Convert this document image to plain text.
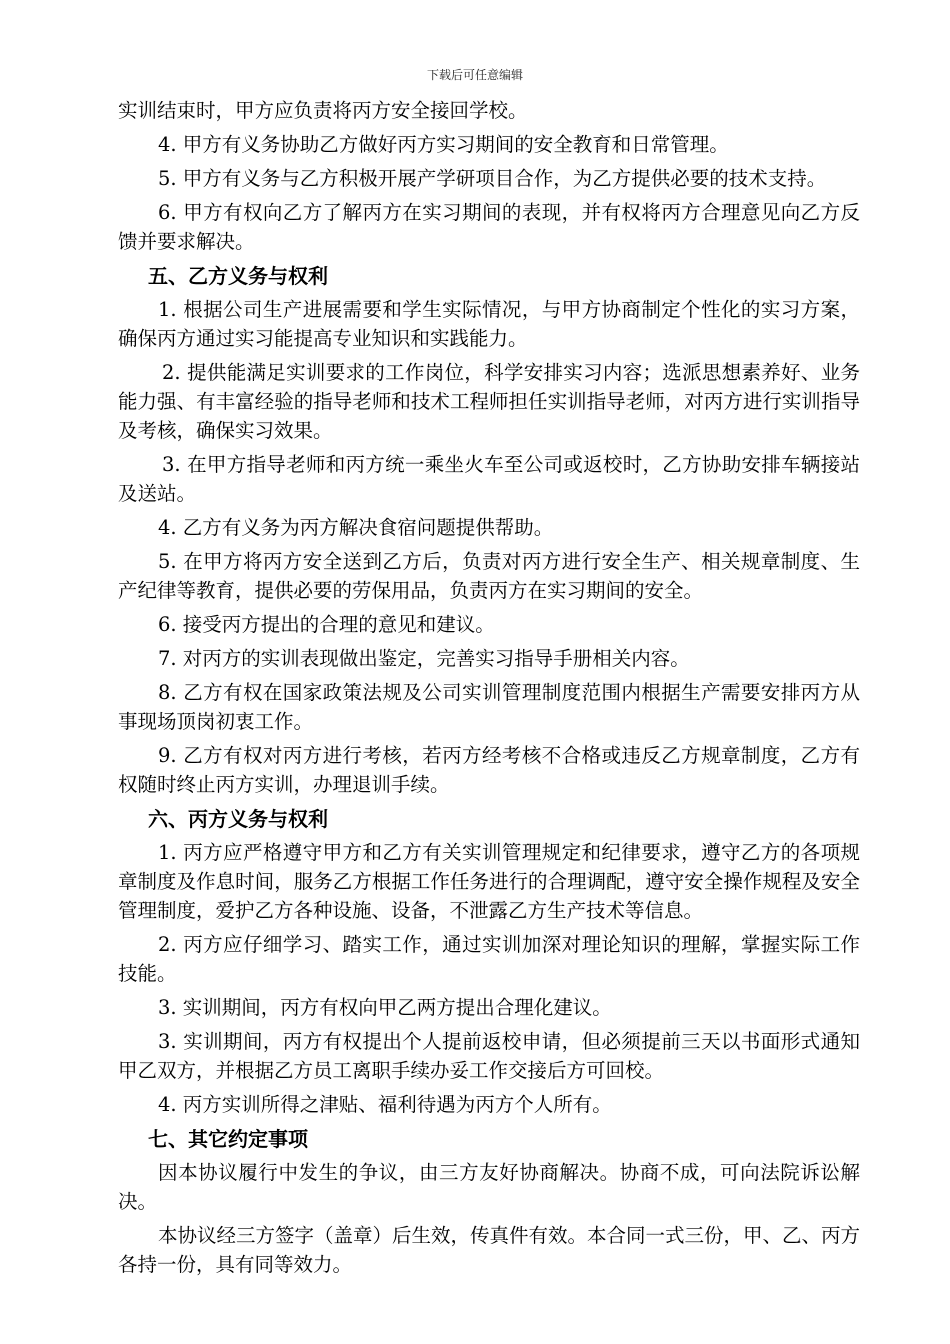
下载后可任意编辑

实训结束时，甲方应负责将丙方安全接回学校。

4. 甲方有义务协助乙方做好丙方实习期间的安全教育和日常管理。

5. 甲方有义务与乙方积极开展产学研项目合作，为乙方提供必要的技术支持。

6. 甲方有权向乙方了解丙方在实习期间的表现，并有权将丙方合理意见向乙方反馈并要求解决。

五、乙方义务与权利

1. 根据公司生产进展需要和学生实际情况，与甲方协商制定个性化的实习方案，确保丙方通过实习能提高专业知识和实践能力。

2. 提供能满足实训要求的工作岗位，科学安排实习内容；选派思想素养好、业务能力强、有丰富经验的指导老师和技术工程师担任实训指导老师，对丙方进行实训指导及考核，确保实习效果。

3. 在甲方指导老师和丙方统一乘坐火车至公司或返校时，乙方协助安排车辆接站及送站。

4. 乙方有义务为丙方解决食宿问题提供帮助。

5. 在甲方将丙方安全送到乙方后，负责对丙方进行安全生产、相关规章制度、生产纪律等教育，提供必要的劳保用品，负责丙方在实习期间的安全。

6. 接受丙方提出的合理的意见和建议。

7. 对丙方的实训表现做出鉴定，完善实习指导手册相关内容。

8. 乙方有权在国家政策法规及公司实训管理制度范围内根据生产需要安排丙方从事现场顶岗初衷工作。

9. 乙方有权对丙方进行考核，若丙方经考核不合格或违反乙方规章制度，乙方有权随时终止丙方实训，办理退训手续。

六、丙方义务与权利

1. 丙方应严格遵守甲方和乙方有关实训管理规定和纪律要求，遵守乙方的各项规章制度及作息时间，服务乙方根据工作任务进行的合理调配，遵守安全操作规程及安全管理制度，爱护乙方各种设施、设备，不泄露乙方生产技术等信息。

2. 丙方应仔细学习、踏实工作，通过实训加深对理论知识的理解，掌握实际工作技能。

3. 实训期间，丙方有权向甲乙两方提出合理化建议。

3. 实训期间，丙方有权提出个人提前返校申请，但必须提前三天以书面形式通知甲乙双方，并根据乙方员工离职手续办妥工作交接后方可回校。

4. 丙方实训所得之津贴、福利待遇为丙方个人所有。

七、其它约定事项

因本协议履行中发生的争议，由三方友好协商解决。协商不成，可向法院诉讼解决。

本协议经三方签字（盖章）后生效，传真件有效。本合同一式三份，甲、乙、丙方各持一份，具有同等效力。
